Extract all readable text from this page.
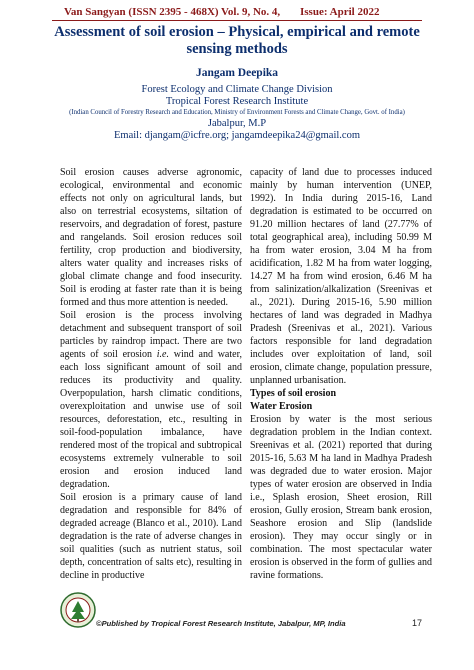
Van Sangyan (ISSN 2395 - 468X) Vol. 9, No. 4, Issue: April 2022
Assessment of soil erosion – Physical, empirical and remote sensing methods
Jangam Deepika
Forest Ecology and Climate Change Division
Tropical Forest Research Institute
(Indian Council of Forestry Research and Education, Ministry of Environment Forests and Climate Change, Govt. of India)
Jabalpur, M.P
Email: djangam@icfre.org; jangamdeepika24@gmail.com

Soil erosion causes adverse agronomic, ecological, environmental and economic effects not only on agricultural lands, but also on terrestrial ecosystems, siltation of reservoirs, and degradation of forest, pasture and rangelands. Soil erosion reduces soil fertility, crop production and biodiversity, alters water quality and increases risks of global climate change and food insecurity. Soil is eroding at faster rate than it is being formed and thus more attention is needed.

Soil erosion is the process involving detachment and subsequent transport of soil particles by raindrop impact. There are two agents of soil erosion i.e. wind and water, each loss significant amount of soil and reduces its productivity and quality. Overpopulation, harsh climatic conditions, overexploitation and unwise use of soil resources, deforestation, etc., resulting in soil-food-population imbalance, have rendered most of the tropical and subtropical ecosystems extremely vulnerable to soil erosion and erosion induced land degradation.

Soil erosion is a primary cause of land degradation and responsible for 84% of degraded acreage (Blanco et al., 2010). Land degradation is the rate of adverse changes in soil qualities (such as nutrient status, soil depth, concentration of salts etc), resulting in decline in productive

capacity of land due to processes induced mainly by human intervention (UNEP, 1992). In India during 2015-16, Land degradation is estimated to be occurred on 91.20 million hectares of land (27.77% of total geographical area), including 50.99 M ha from water erosion, 3.04 M ha from acidification, 1.82 M ha from water logging, 14.27 M ha from wind erosion, 6.46 M ha from salinization/alkalization (Sreenivas et al., 2021). During 2015-16, 5.90 million hectares of land was degraded in Madhya Pradesh (Sreenivas et al., 2021). Various factors responsible for land degradation includes over exploitation of land, soil erosion, climate change, population pressure, unplanned urbanisation.

Types of soil erosion

Water Erosion

Erosion by water is the most serious degradation problem in the Indian context. Sreenivas et al. (2021) reported that during 2015-16, 5.63 M ha land in Madhya Pradesh was degraded due to water erosion. Major types of water erosion are observed in India i.e., Splash erosion, Sheet erosion, Rill erosion, Gully erosion, Stream bank erosion, Seashore erosion and Slip (landslide erosion). They may occur singly or in combination. The most spectacular water erosion is observed in the form of gullies and ravine formations.

©Published by Tropical Forest Research Institute, Jabalpur, MP, India	17
